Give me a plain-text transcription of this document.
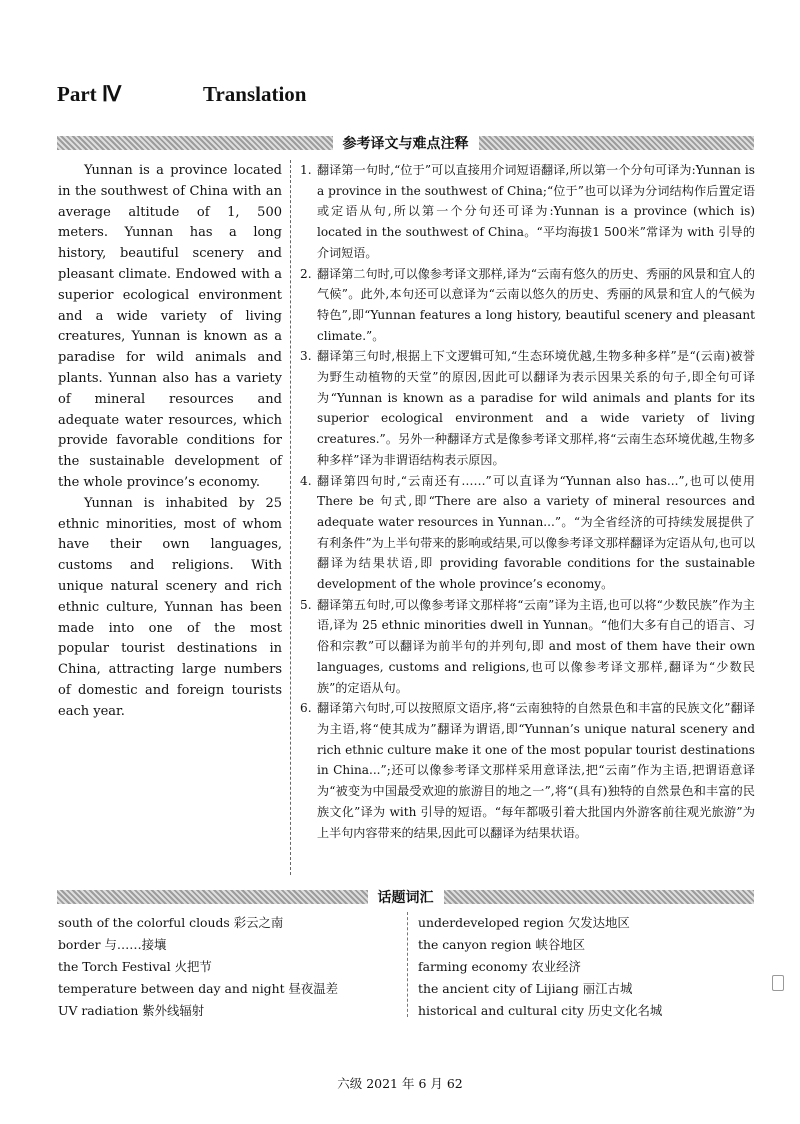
Part Ⅳ	Translation
参考译文与难点注释

Yunnan is a province located in the southwest of China with an average altitude of 1, 500 meters. Yunnan has a long history, beautiful scenery and pleasant climate. Endowed with a superior ecological environment and a wide variety of living creatures, Yunnan is known as a paradise for wild animals and plants. Yunnan also has a variety of mineral resources and adequate water resources, which provide favorable conditions for the sustainable development of the whole province’s economy.

Yunnan is inhabited by 25 ethnic minorities, most of whom have their own languages, customs and religions. With unique natural scenery and rich ethnic culture, Yunnan has been made into one of the most popular tourist destinations in China, attracting large numbers of domestic and foreign tourists each year.

1. 翻译第一句时,“位于”可以直接用介词短语翻译,所以第一个分句可译为:Yunnan is a province in the southwest of China;“位于”也可以译为分词结构作后置定语或定语从句,所以第一个分句还可译为:Yunnan is a province (which is) located in the southwest of China。“平均海拔1 500米”常译为 with 引导的介词短语。
2. 翻译第二句时,可以像参考译文那样,译为“云南有悠久的历史、秀丽的风景和宜人的气候”。此外,本句还可以意译为“云南以悠久的历史、秀丽的风景和宜人的气候为特色”,即“Yunnan features a long history, beautiful scenery and pleasant climate.”。
3. 翻译第三句时,根据上下文逻辑可知,“生态环境优越,生物多种多样”是“(云南)被誉为野生动植物的天堂”的原因,因此可以翻译为表示因果关系的句子,即全句可译为“Yunnan is known as a paradise for wild animals and plants for its superior ecological environment and a wide variety of living creatures.”。另外一种翻译方式是像参考译文那样,将“云南生态环境优越,生物多种多样”译为非谓语结构表示原因。
4. 翻译第四句时,“云南还有……”可以直译为“Yunnan also has...”,也可以使用 There be 句式,即“There are also a variety of mineral resources and adequate water resources in Yunnan...”。“为全省经济的可持续发展提供了有利条件”为上半句带来的影响或结果,可以像参考译文那样翻译为定语从句,也可以翻译为结果状语,即 providing favorable conditions for the sustainable development of the whole province’s economy。
5. 翻译第五句时,可以像参考译文那样将“云南”译为主语,也可以将“少数民族”作为主语,译为 25 ethnic minorities dwell in Yunnan。“他们大多有自己的语言、习俗和宗教”可以翻译为前半句的并列句,即 and most of them have their own languages, customs and religions,也可以像参考译文那样,翻译为“少数民族”的定语从句。
6. 翻译第六句时,可以按照原文语序,将“云南独特的自然景色和丰富的民族文化”翻译为主语,将“使其成为”翻译为谓语,即“Yunnan’s unique natural scenery and rich ethnic culture make it one of the most popular tourist destinations in China...”;还可以像参考译文那样采用意译法,把“云南”作为主语,把谓语意译为“被变为中国最受欢迎的旅游目的地之一”,将“(具有)独特的自然景色和丰富的民族文化”译为 with 引导的短语。“每年都吸引着大批国内外游客前往观光旅游”为上半句内容带来的结果,因此可以翻译为结果状语。
话题词汇
south of the colorful clouds 彩云之南
border 与……接壤
the Torch Festival 火把节
temperature between day and night 昼夜温差
UV radiation 紫外线辐射
underdeveloped region 欠发达地区
the canyon region 峡谷地区
farming economy 农业经济
the ancient city of Lijiang 丽江古城
historical and cultural city 历史文化名城
六级 2021 年 6 月 62
